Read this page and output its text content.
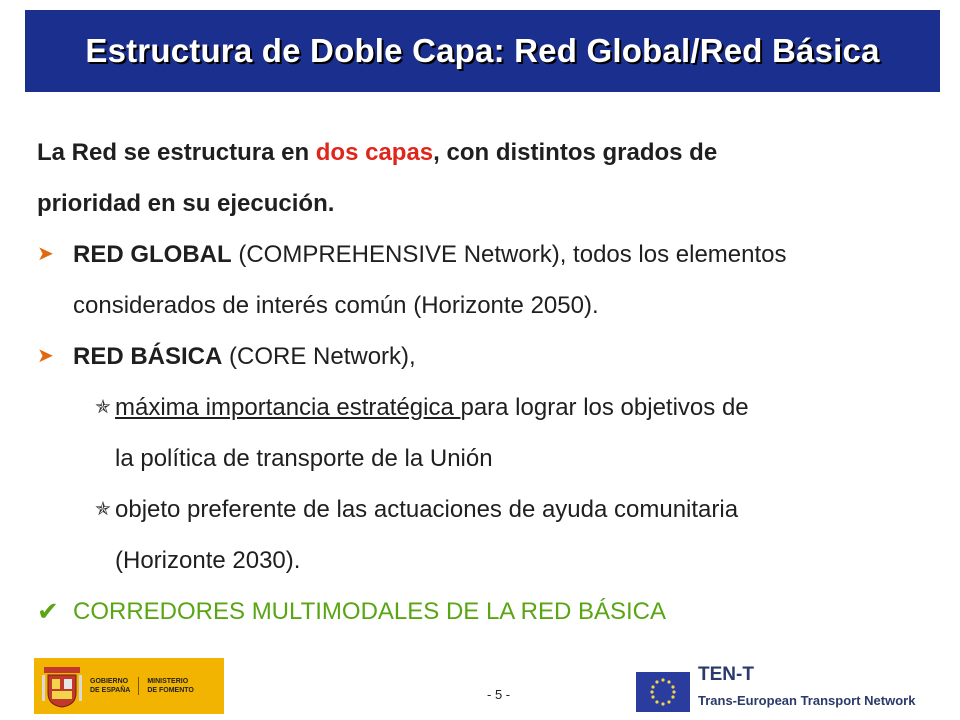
Estructura de Doble Capa: Red Global/Red Básica
La Red se estructura en dos capas, con distintos grados de
prioridad en su ejecución.
➤ RED GLOBAL (COMPREHENSIVE Network), todos los elementos
considerados de interés común (Horizonte 2050).
➤ RED BÁSICA (CORE Network),
✯ máxima importancia estratégica para lograr los objetivos de
la política de transporte de la Unión
✯ objeto preferente de las actuaciones de ayuda comunitaria
(Horizonte 2030).
✔ CORREDORES MULTIMODALES DE LA RED BÁSICA
GOBIERNO
DE ESPAÑA
MINISTERIO
DE FOMENTO	- 5 -
TEN-T
Trans-European Transport Network
